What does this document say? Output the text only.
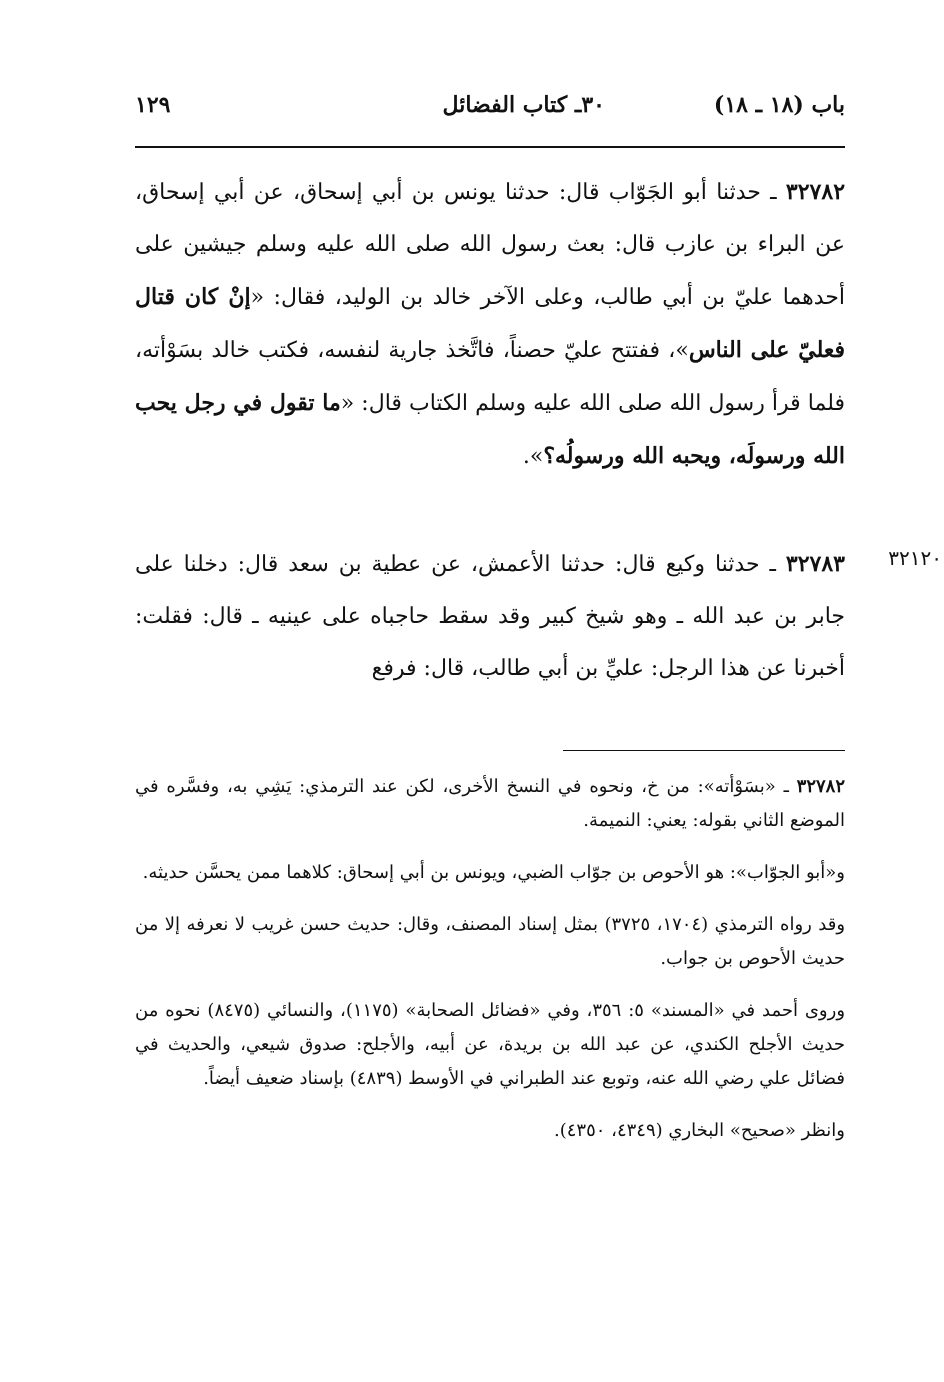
باب (١٨ ـ ١٨)
٣٠ـ كتاب الفضائل
١٢٩
٣٢٧٨٢ ـ حدثنا أبو الجَوّاب قال: حدثنا يونس بن أبي إسحاق، عن أبي إسحاق، عن البراء بن عازب قال: بعث رسول الله صلى الله عليه وسلم جيشين على أحدهما عليّ بن أبي طالب، وعلى الآخر خالد بن الوليد، فقال: «إنْ كان قتال فعليّ على الناس»، ففتتح عليّ حصناً، فاتَّخذ جارية لنفسه، فكتب خالد بسَوْأته، فلما قرأ رسول الله صلى الله عليه وسلم الكتاب قال: «ما تقول في رجل يحب الله ورسولَه، ويحبه الله ورسولُه؟».
٣٢١٢٠
٣٢٧٨٣ ـ حدثنا وكيع قال: حدثنا الأعمش، عن عطية بن سعد قال: دخلنا على جابر بن عبد الله ـ وهو شيخ كبير وقد سقط حاجباه على عينيه ـ قال: فقلت: أخبرنا عن هذا الرجل: عليِّ بن أبي طالب، قال: فرفع

٣٢٧٨٢ ـ «بسَوْأته»: من خ، ونحوه في النسخ الأخرى، لكن عند الترمذي: يَشِي به، وفسَّره في الموضع الثاني بقوله: يعني: النميمة.

و«أبو الجوّاب»: هو الأحوص بن جوّاب الضبي، ويونس بن أبي إسحاق: كلاهما ممن يحسَّن حديثه.

وقد رواه الترمذي (١٧٠٤، ٣٧٢٥) بمثل إسناد المصنف، وقال: حديث حسن غريب لا نعرفه إلا من حديث الأحوص بن جواب.

وروى أحمد في «المسند» ٥: ٣٥٦، وفي «فضائل الصحابة» (١١٧٥)، والنسائي (٨٤٧٥) نحوه من حديث الأجلح الكندي، عن عبد الله بن بريدة، عن أبيه، والأجلح: صدوق شيعي، والحديث في فضائل علي رضي الله عنه، وتوبع عند الطبراني في الأوسط (٤٨٣٩) بإسناد ضعيف أيضاً.

وانظر «صحيح» البخاري (٤٣٤٩، ٤٣٥٠).
